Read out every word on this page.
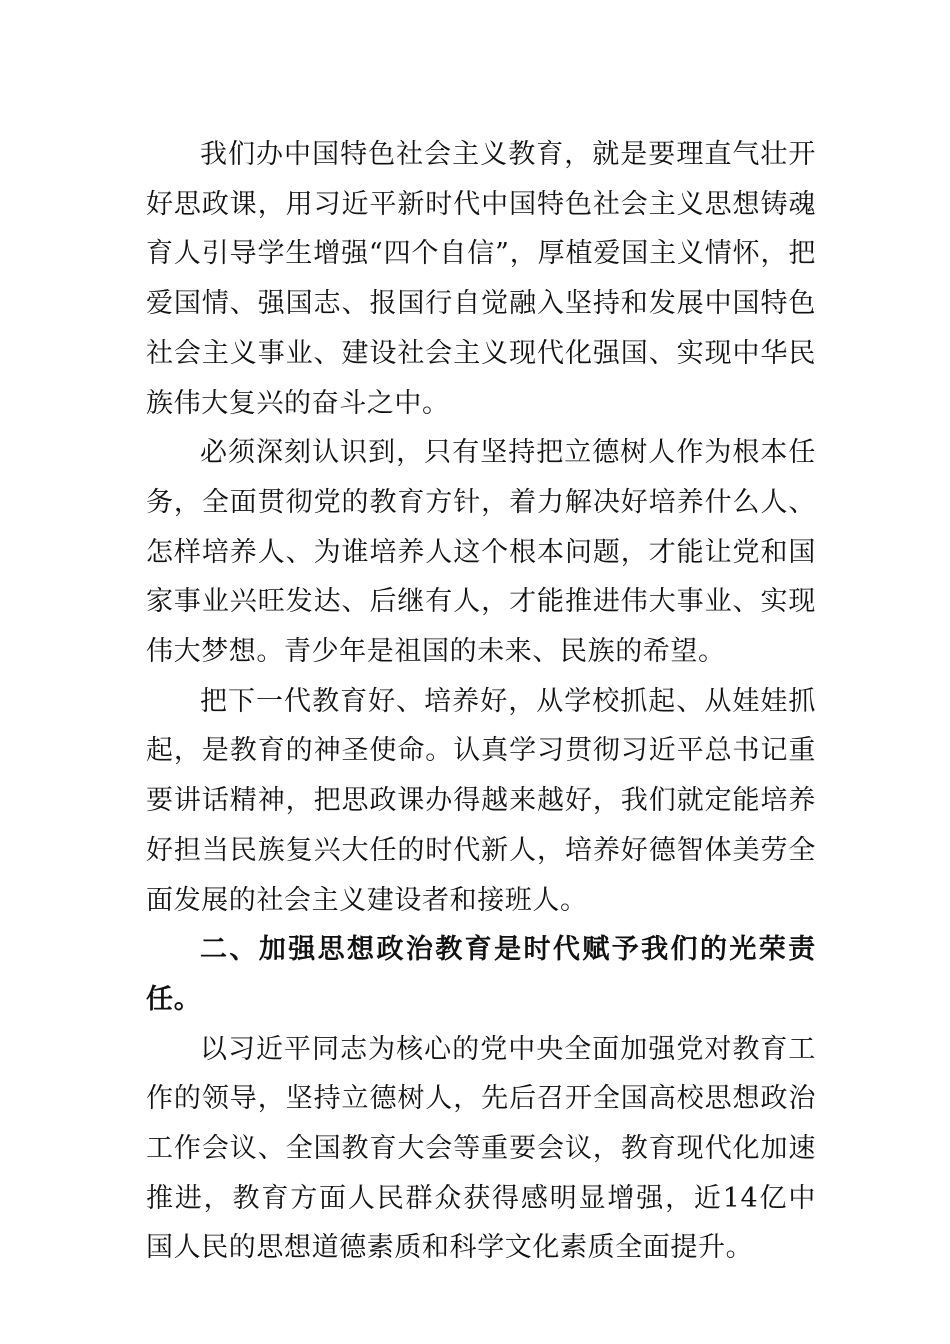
我们办中国特色社会主义教育，就是要理直气壮开好思政课，用习近平新时代中国特色社会主义思想铸魂育人引导学生增强“四个自信”，厚植爱国主义情怀，把爱国情、强国志、报国行自觉融入坚持和发展中国特色社会主义事业、建设社会主义现代化强国、实现中华民族伟大复兴的奋斗之中。

必须深刻认识到，只有坚持把立德树人作为根本任务，全面贯彻党的教育方针，着力解决好培养什么人、怎样培养人、为谁培养人这个根本问题，才能让党和国家事业兴旺发达、后继有人，才能推进伟大事业、实现伟大梦想。青少年是祖国的未来、民族的希望。

把下一代教育好、培养好，从学校抓起、从娃娃抓起，是教育的神圣使命。认真学习贯彻习近平总书记重要讲话精神，把思政课办得越来越好，我们就定能培养好担当民族复兴大任的时代新人，培养好德智体美劳全面发展的社会主义建设者和接班人。

二、加强思想政治教育是时代赋予我们的光荣责任。

以习近平同志为核心的党中央全面加强党对教育工作的领导，坚持立德树人，先后召开全国高校思想政治工作会议、全国教育大会等重要会议，教育现代化加速推进，教育方面人民群众获得感明显增强，近14亿中国人民的思想道德素质和科学文化素质全面提升。
